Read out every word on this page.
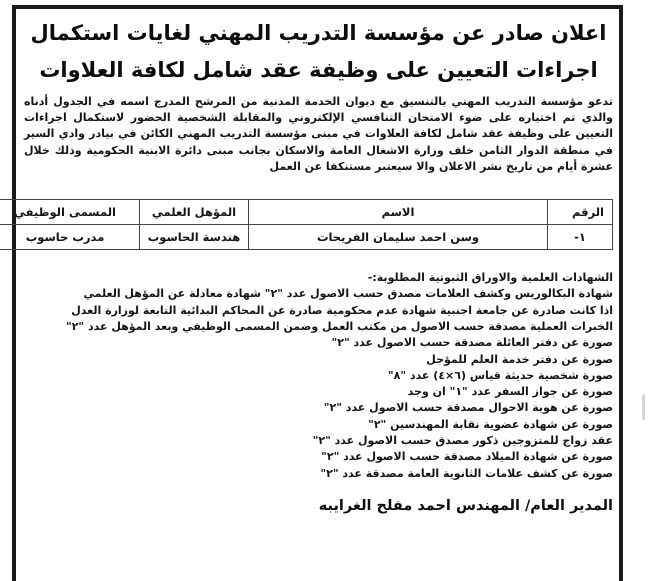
اعلان صادر عن مؤسسة التدريب المهني لغايات استكمال
اجراءات التعيين على وظيفة عقد شامل لكافة العلاوات
تدعو مؤسسة التدريب المهني بالتنسيق مع ديوان الخدمة المدنية من المرشح المدرج اسمه في الجدول أدناه والذي تم اختياره على ضوء الامتحان التنافسي الإلكتروني والمقابلة الشخصية الحضور لاستكمال اجراءات التعيين على وظيفة عقد شامل لكافة العلاوات في مبنى مؤسسة التدريب المهني الكائن في بيادر وادي السير في منطقة الدوار الثامن خلف وزارة الاشغال العامة والاسكان بجانب مبنى دائرة الابنية الحكومية وذلك خلال عشرة أيام من تاريخ نشر الاعلان والا سيعتبر مستنكفا عن العمل
الرقم	الاسم	المؤهل العلمي	المسمى الوظيفي
١-	وسن احمد سليمان الفريحات	هندسة الحاسوب	مدرب حاسوب
الشهادات العلمية والاوراق الثبوتية المطلوبة:-
شهادة البكالوريس وكشف العلامات مصدق حسب الاصول عدد "٢" شهادة معادلة عن المؤهل العلمي
اذا كانت صادرة عن جامعة اجنبية شهادة عدم محكومية صادرة عن المحاكم البدائية التابعة لوزارة العدل
الخبرات العملية مصدقة حسب الاصول من مكتب العمل وضمن المسمى الوظيفي وبعد المؤهل عدد "٢"
صورة عن دفتر العائلة مصدقة حسب الاصول عدد "٢"
صورة عن دفتر خدمة العلم للمؤجل
صورة شخصية حديثة قياس (٦×٤) عدد "٨"
صورة عن جواز السفر عدد "١" ان وجد
صورة عن هوية الاحوال مصدقة حسب الاصول عدد "٢"
صورة عن شهادة عضوية نقابة المهندسين "٢"
عقد زواج للمتزوجين ذكور مصدق حسب الاصول عدد "٢"
صورة عن شهادة الميلاد مصدقة حسب الاصول عدد "٢"
صورة عن كشف علامات الثانوية العامة مصدقة عدد "٢"
المدير العام/ المهندس احمد مفلح الغرايبه
